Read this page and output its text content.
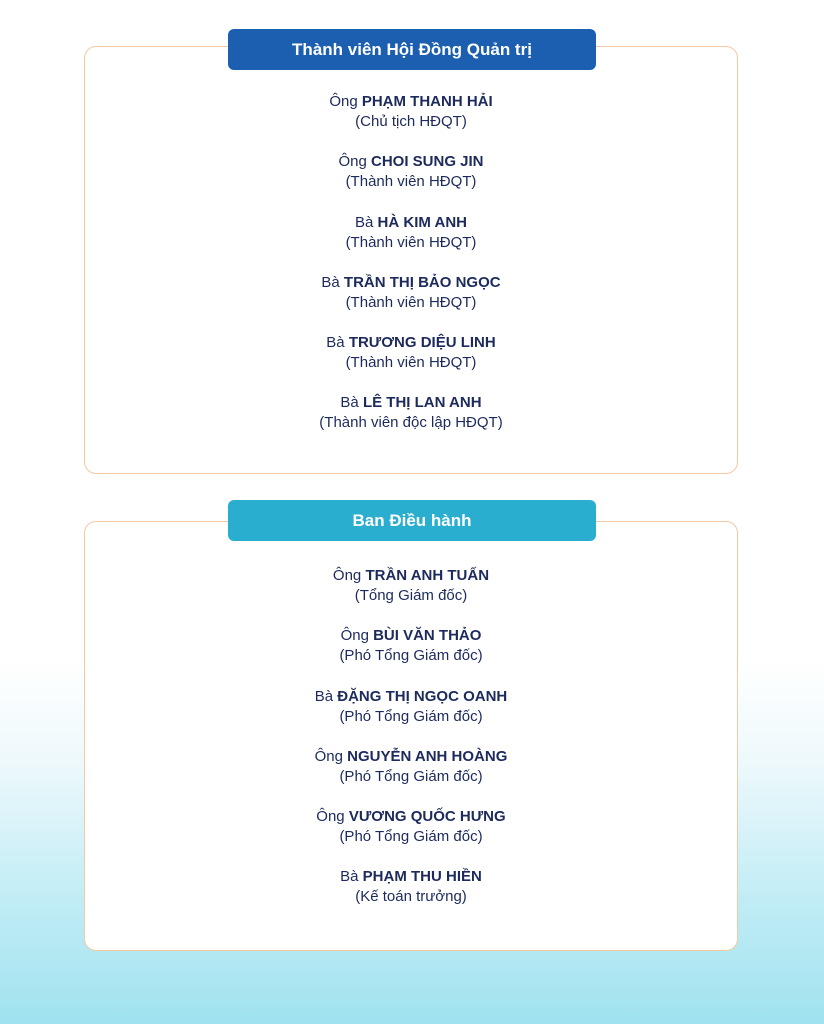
Thành viên Hội Đồng Quản trị
Ông PHẠM THANH HẢI
(Chủ tịch HĐQT)
Ông CHOI SUNG JIN
(Thành viên HĐQT)
Bà HÀ KIM ANH
(Thành viên HĐQT)
Bà TRẦN THỊ BẢO NGỌC
(Thành viên HĐQT)
Bà TRƯƠNG DIỆU LINH
(Thành viên HĐQT)
Bà LÊ THỊ LAN ANH
(Thành viên độc lập HĐQT)
Ban Điều hành
Ông TRẦN ANH TUẤN
(Tổng Giám đốc)
Ông BÙI VĂN THẢO
(Phó Tổng Giám đốc)
Bà ĐẶNG THỊ NGỌC OANH
(Phó Tổng Giám đốc)
Ông NGUYỄN ANH HOÀNG
(Phó Tổng Giám đốc)
Ông VƯƠNG QUỐC HƯNG
(Phó Tổng Giám đốc)
Bà PHẠM THU HIỀN
(Kế toán trưởng)
